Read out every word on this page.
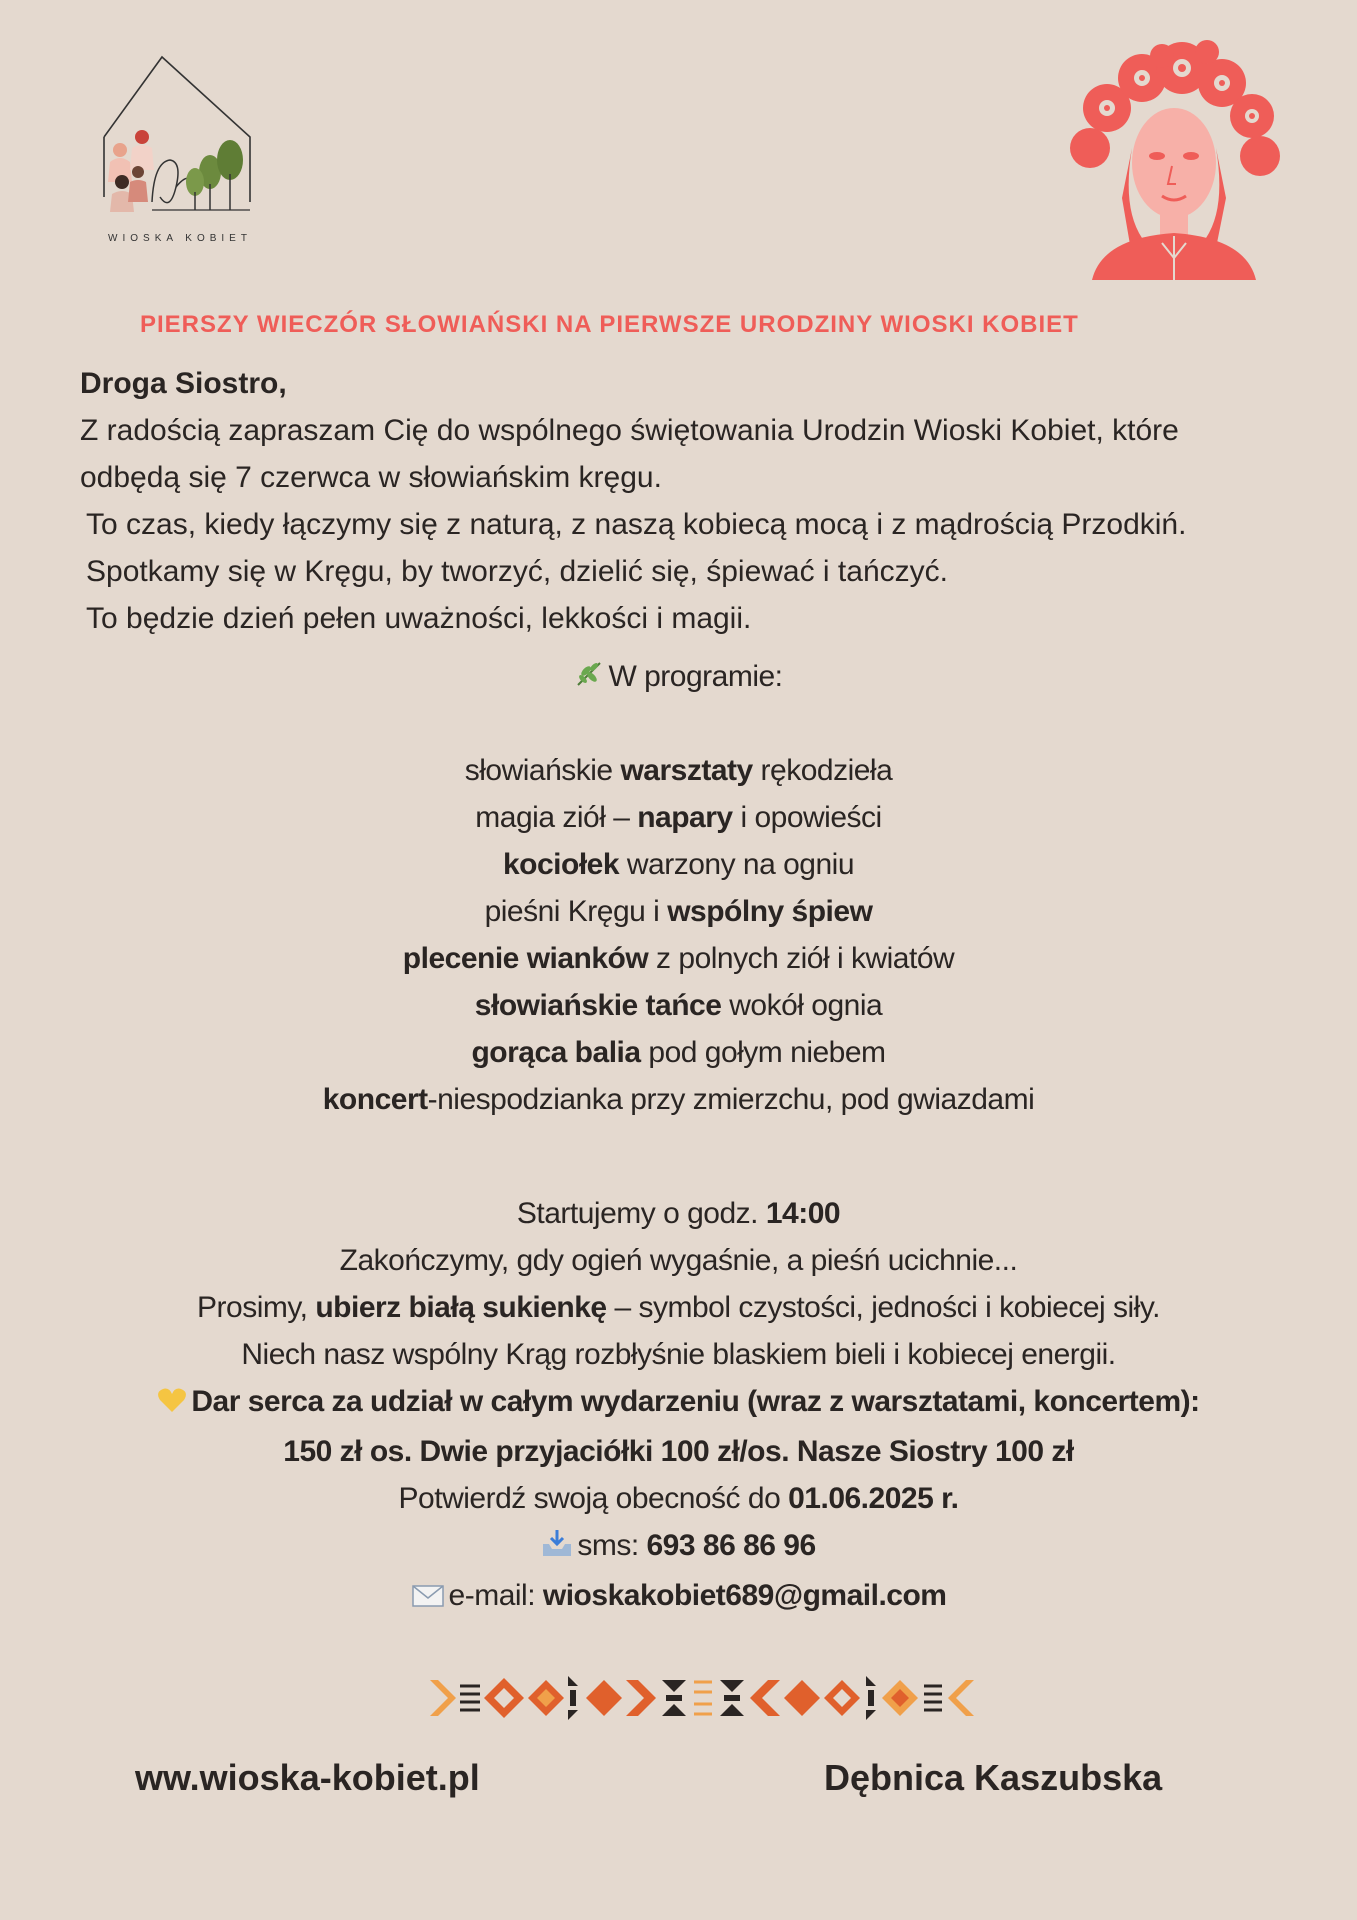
WIOSKA KOBIET
PIERSZY WIECZÓR SŁOWIAŃSKI NA PIERWSZE URODZINY WIOSKI KOBIET

Droga Siostro,

Z radością zapraszam Cię do wspólnego świętowania Urodzin Wioski Kobiet, które

odbędą się 7 czerwca w słowiańskim kręgu.

To czas, kiedy łączymy się z naturą, z naszą kobiecą mocą i z mądrością Przodkiń.

Spotkamy się w Kręgu, by tworzyć, dzielić się, śpiewać i tańczyć.

To będzie dzień pełen uważności, lekkości i magii.

W programie:

słowiańskie warsztaty rękodzieła

magia ziół – napary i opowieści

kociołek warzony na ogniu

pieśni Kręgu i wspólny śpiew

plecenie wianków z polnych ziół i kwiatów

słowiańskie tańce wokół ognia

gorąca balia pod gołym niebem

koncert-niespodzianka przy zmierzchu, pod gwiazdami

Startujemy o godz. 14:00

Zakończymy, gdy ogień wygaśnie, a pieśń ucichnie...

Prosimy, ubierz białą sukienkę – symbol czystości, jedności i kobiecej siły.

Niech nasz wspólny Krąg rozbłyśnie blaskiem bieli i kobiecej energii.

Dar serca za udział w całym wydarzeniu (wraz z warsztatami, koncertem):

150 zł os. Dwie przyjaciółki 100 zł/os. Nasze Siostry 100 zł

Potwierdź swoją obecność do 01.06.2025 r.

sms: 693 86 86 96

e-mail: wioskakobiet689@gmail.com

ww.wioska-kobiet.pl	Dębnica Kaszubska
